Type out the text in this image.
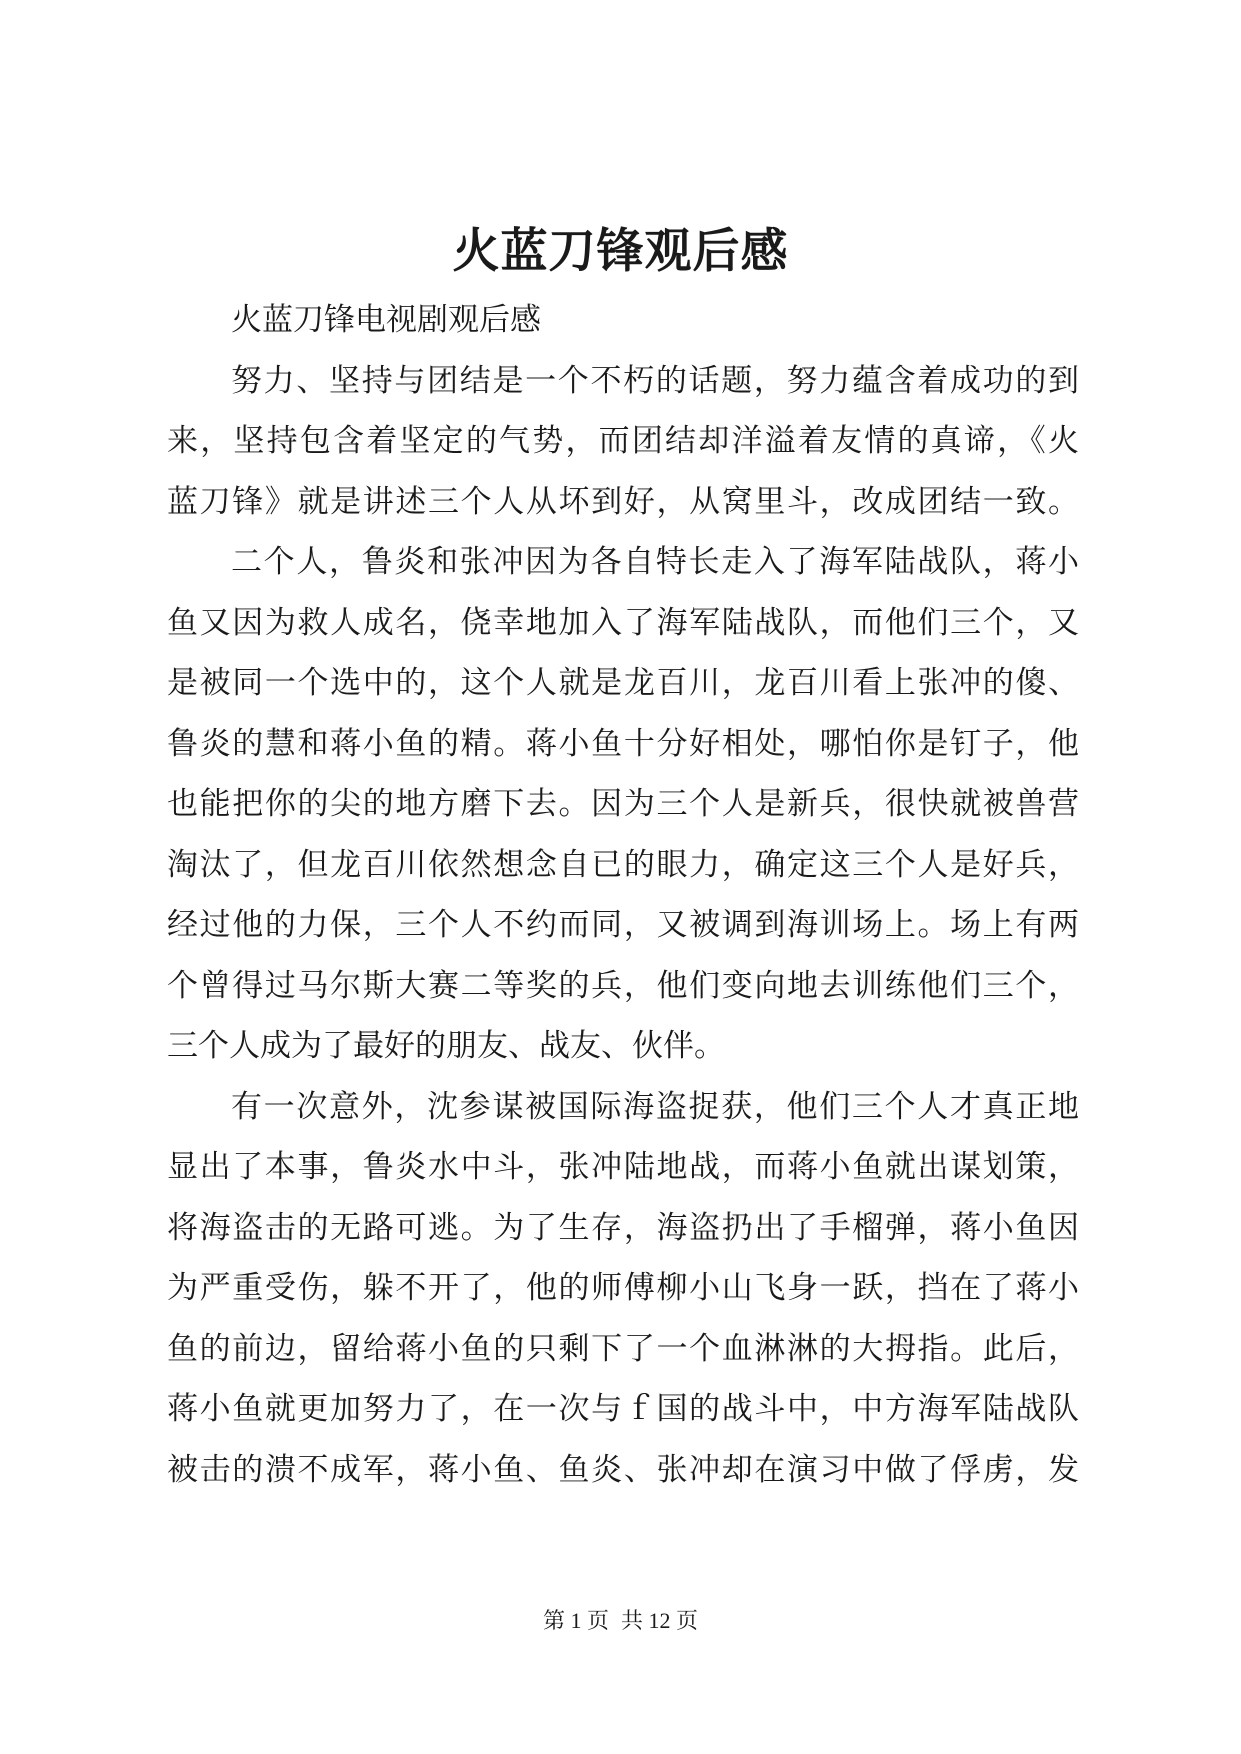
火蓝刀锋观后感
火蓝刀锋电视剧观后感
努力、坚持与团结是一个不朽的话题，努力蕴含着成功的到
来，坚持包含着坚定的气势，而团结却洋溢着友情的真谛，《火
蓝刀锋》就是讲述三个人从坏到好，从窝里斗，改成团结一致。
二个人，鲁炎和张冲因为各自特长走入了海军陆战队，蒋小
鱼又因为救人成名，侥幸地加入了海军陆战队，而他们三个，又
是被同一个选中的，这个人就是龙百川，龙百川看上张冲的傻、
鲁炎的慧和蒋小鱼的精。蒋小鱼十分好相处，哪怕你是钉子，他
也能把你的尖的地方磨下去。因为三个人是新兵，很快就被兽营
淘汰了，但龙百川依然想念自已的眼力，确定这三个人是好兵，
经过他的力保，三个人不约而同，又被调到海训场上。场上有两
个曾得过马尔斯大赛二等奖的兵，他们变向地去训练他们三个，
三个人成为了最好的朋友、战友、伙伴。
有一次意外，沈参谋被国际海盗捉获，他们三个人才真正地
显出了本事，鲁炎水中斗，张冲陆地战，而蒋小鱼就出谋划策，
将海盗击的无路可逃。为了生存，海盗扔出了手榴弹，蒋小鱼因
为严重受伤，躲不开了，他的师傅柳小山飞身一跃，挡在了蒋小
鱼的前边，留给蒋小鱼的只剩下了一个血淋淋的大拇指。此后，
蒋小鱼就更加努力了，在一次与ｆ国的战斗中，中方海军陆战队
被击的溃不成军，蒋小鱼、鱼炎、张冲却在演习中做了俘虏，发
第 1 页 共 12 页
